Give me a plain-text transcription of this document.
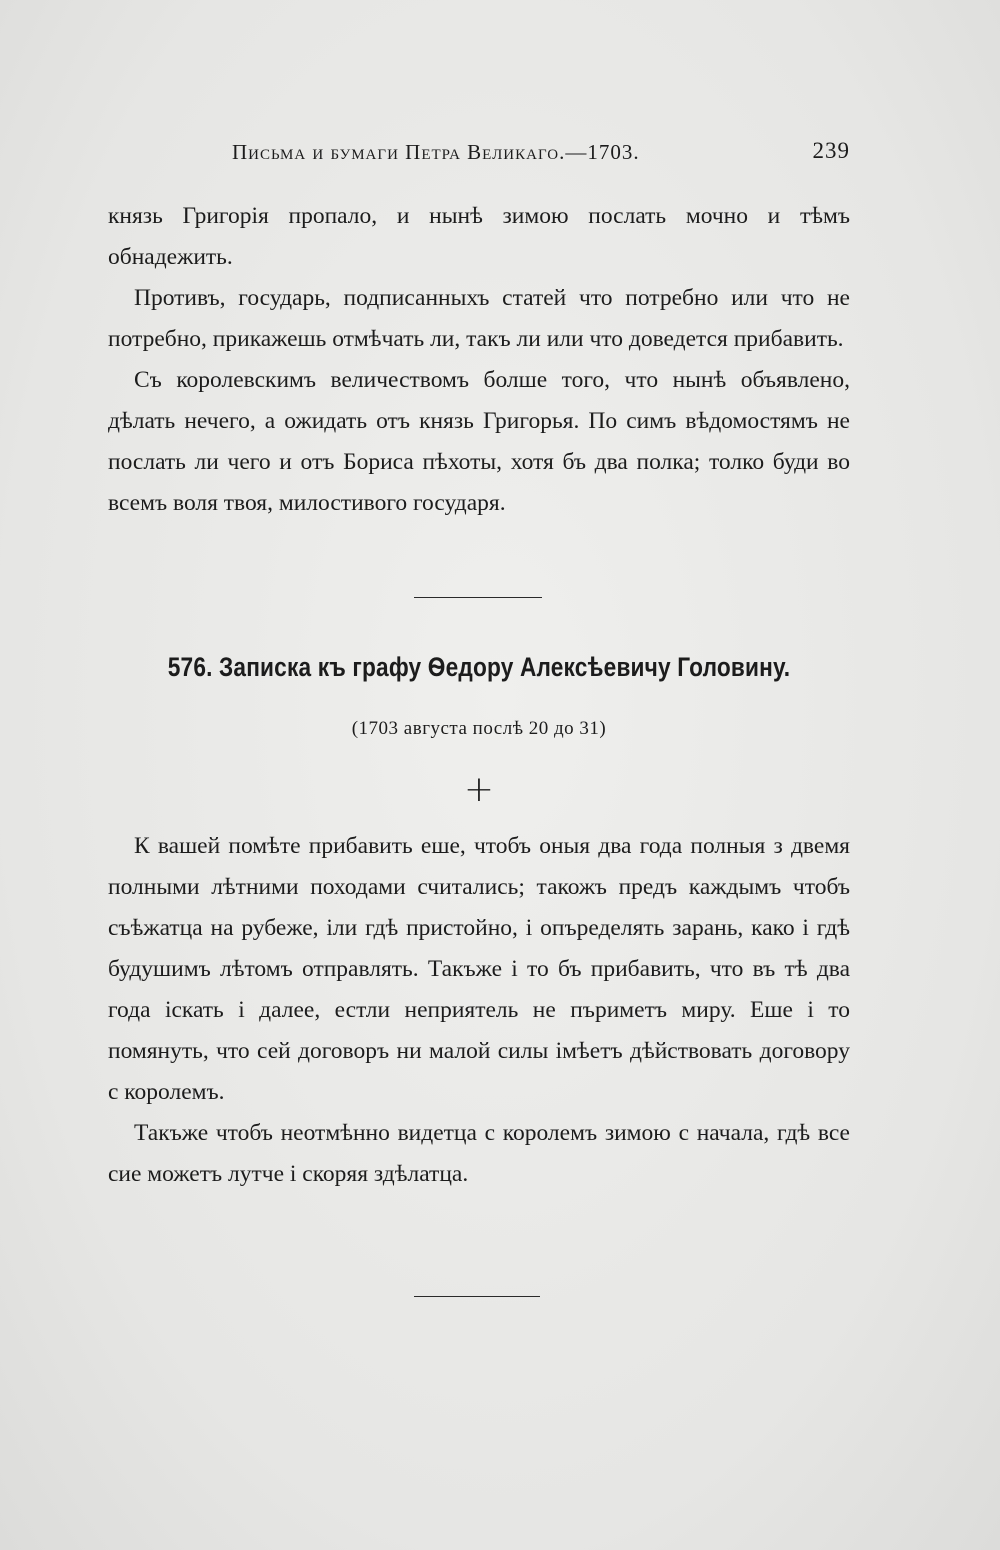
Письма и бумаги Петра Великаго.—1703.	239

князь Григорія пропало, и нынѣ зимою послать мочно и тѣмъ обнадежить.

Противъ, государь, подписанныхъ статей что потребно или что не потребно, прикажешь отмѣчать ли, такъ ли или что доведется прибавить.

Съ королевскимъ величествомъ болше того, что нынѣ объявлено, дѣлать нечего, а ожидать отъ князь Григорья. По симъ вѣдомостямъ не послать ли чего и отъ Бориса пѣхоты, хотя бъ два полка; толко буди во всемъ воля твоя, милостивого государя.

576. Записка къ графу Ѳедору Алексѣевичу Головину.
(1703 августа послѣ 20 до 31)
+

К вашей помѣте прибавить еше, чтобъ оныя два года полныя з двемя полными лѣтними походами считались; такожъ предъ каждымъ чтобъ съѣжатца на рубеже, iли гдѣ пристойно, i опъределять зарань, како i гдѣ будушимъ лѣтомъ отправлять. Такъже i то бъ прибавить, что въ тѣ два года iскать i далее, естли неприятель не пъриметъ миру. Еше i то помянуть, что сей договоръ ни малой силы iмѣетъ дѣйствовать договору с королемъ.

Такъже чтобъ неотмѣнно видетца с королемъ зимою с начала, гдѣ все сие можетъ лутче i скоряя здѣлатца.
